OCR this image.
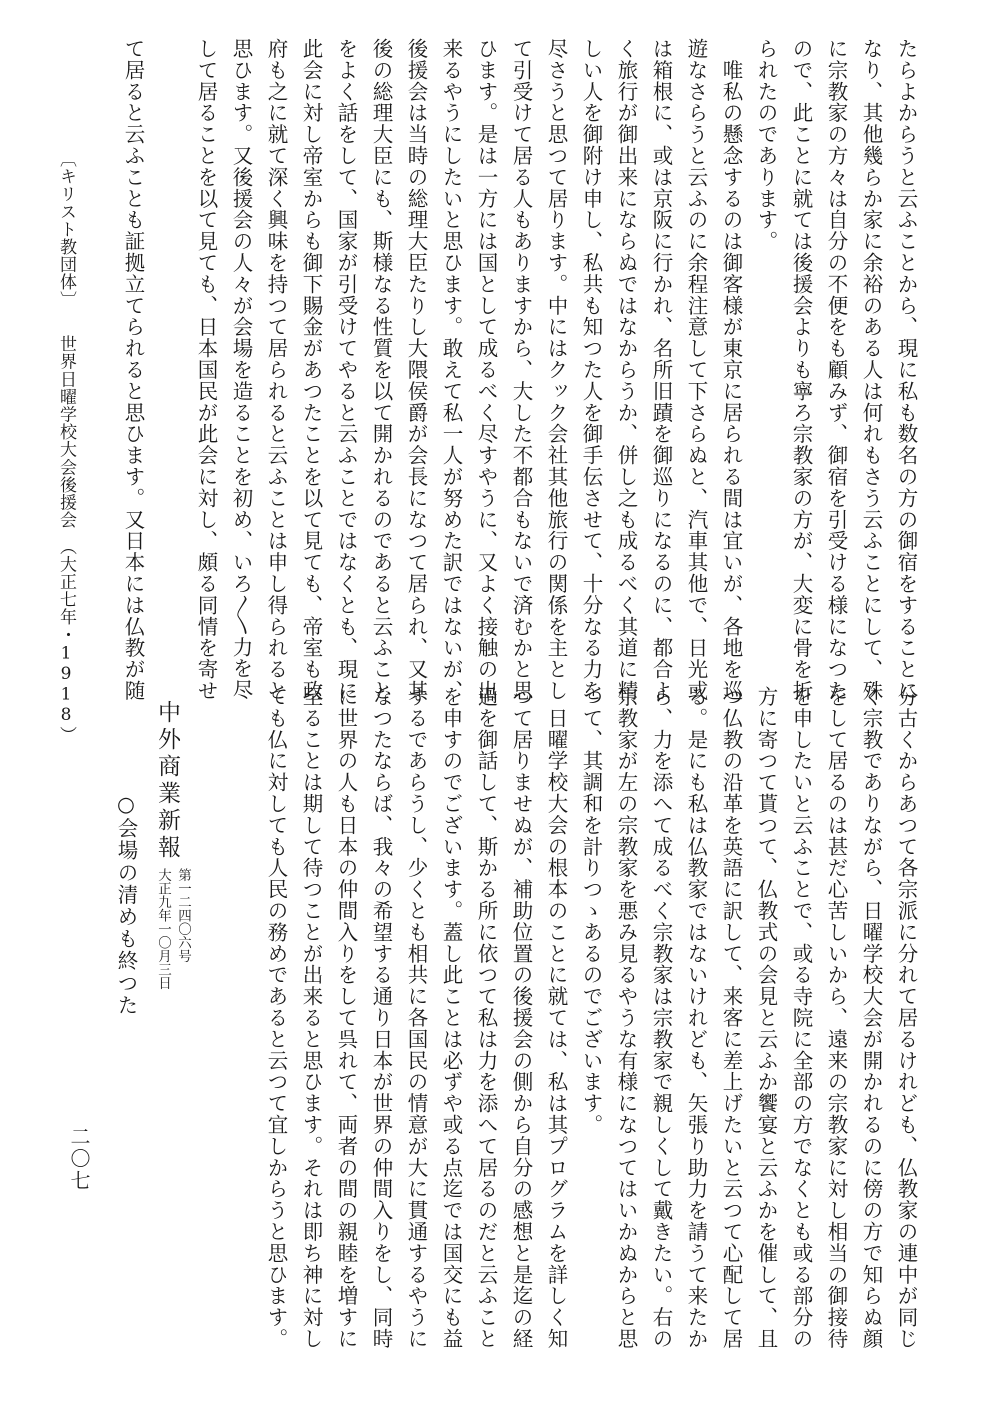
たらよからうと云ふことから、現に私も数名の方の御宿をすることに
なり、其他幾らか家に余裕のある人は何れもさう云ふことにして、殊
に宗教家の方々は自分の不便をも顧みず、御宿を引受ける様になつた
ので、此ことに就ては後援会よりも寧ろ宗教家の方が、大変に骨を折
られたのであります。
　唯私の懸念するのは御客様が東京に居られる間は宜いが、各地を巡
遊なさらうと云ふのに余程注意して下さらぬと、汽車其他で、日光或
は箱根に、或は京阪に行かれ、名所旧蹟を御巡りになるのに、都合よ
く旅行が御出来にならぬではなからうか、併し之も成るべく其道に精
しい人を御附け申し、私共も知つた人を御手伝させて、十分なる力を
尽さうと思つて居ります。中にはクック会社其他旅行の関係を主とし
て引受けて居る人もありますから、大した不都合もないで済むかと思
ひます。是は一方には国として成るべく尽すやうに、又よく接触の出
来るやうにしたいと思ひます。敢えて私一人が努めた訳ではないが、
後援会は当時の総理大臣たりし大隈侯爵が会長になつて居られ、又其
後の総理大臣にも、斯様なる性質を以て開かれるのであると云ふこと
をよく話をして、国家が引受けてやると云ふことではなくとも、現に
此会に対し帝室からも御下賜金があつたことを以て見ても、帝室も政
府も之に就て深く興味を持つて居られると云ふことは申し得られると
思ひます。又後援会の人々が会場を造ることを初め、いろ〳〵力を尽
して居ることを以て見ても、日本国民が此会に対し、頗る同情を寄せ
て居ると云ふことも証拠立てられると思ひます。又日本には仏教が随
〔キリスト教団体〕　　世界日曜学校大会後援会　（大正七年・1918）
分古くからあつて各宗派に分れて居るけれども、仏教家の連中が同じ
く宗教でありながら、日曜学校大会が開かれるのに傍の方で知らぬ顔
をして居るのは甚だ心苦しいから、遠来の宗教家に対し相当の御接待
を申したいと云ふことで、或る寺院に全部の方でなくとも或る部分の
方に寄つて貰つて、仏教式の会見と云ふか饗宴と云ふかを催して、且
つ仏教の沿革を英語に訳して、来客に差上げたいと云つて心配して居
る。是にも私は仏教家ではないけれども、矢張り助力を請うて来たか
ら、力を添へて成るべく宗教家は宗教家で親しくして戴きたい。右の
宗教家が左の宗教家を悪み見るやうな有様になつてはいかぬからと思
つて、其調和を計りつゝあるのでございます。
　日曜学校大会の根本のことに就ては、私は其プログラムを詳しく知
つて居りませぬが、補助位置の後援会の側から自分の感想と是迄の経
過を御話して、斯かる所に依つて私は力を添へて居るのだと云ふこと
を申すのでございます。蓋し此ことは必ずや或る点迄では国交にも益
するであらうし、少くとも相共に各国民の情意が大に貫通するやうに
なつたならば、我々の希望する通り日本が世界の仲間入りをし、同時
に世界の人も日本の仲間入りをして呉れて、両者の間の親睦を増すに
至ることは期して待つことが出来ると思ひます。それは即ち神に対し
ても仏に対しても人民の務めであると云つて宜しからうと思ひます。
中外商業新報
第一二四〇六号
大正九年一〇月三日
○会場の清めも終つた
二〇七
